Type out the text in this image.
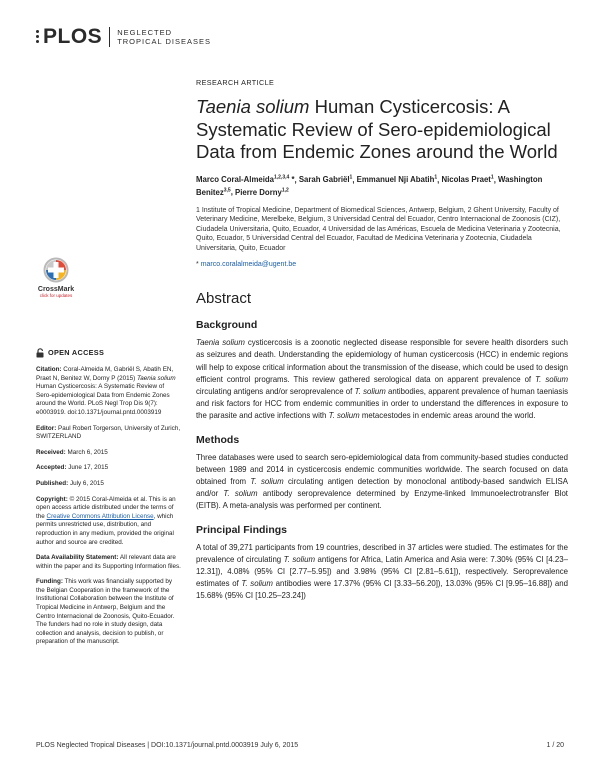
PLOS NEGLECTED
TROPICAL DISEASES
CrossMark
click for updates
OPEN ACCESS
Citation: Coral-Almeida M, Gabriël S, Abatih EN, Praet N, Benitez W, Dorny P (2015) Taenia solium Human Cysticercosis: A Systematic Review of Sero-epidemiological Data from Endemic Zones around the World. PLoS Negl Trop Dis 9(7): e0003919. doi:10.1371/journal.pntd.0003919
Editor: Paul Robert Torgerson, University of Zurich, SWITZERLAND
Received: March 6, 2015
Accepted: June 17, 2015
Published: July 6, 2015
Copyright: © 2015 Coral-Almeida et al. This is an open access article distributed under the terms of the Creative Commons Attribution License, which permits unrestricted use, distribution, and reproduction in any medium, provided the original author and source are credited.
Data Availability Statement: All relevant data are within the paper and its Supporting Information files.
Funding: This work was financially supported by the Belgian Cooperation in the framework of the Institutional Collaboration between the Institute of Tropical Medicine in Antwerp, Belgium and the Centro Internacional de Zoonosis, Quito-Ecuador. The funders had no role in study design, data collection and analysis, decision to publish, or preparation of the manuscript.
RESEARCH ARTICLE
Taenia solium Human Cysticercosis: A Systematic Review of Sero-epidemiological Data from Endemic Zones around the World
Marco Coral-Almeida$^{1,2,3,4}$ *, Sarah Gabriël$^1$, Emmanuel Nji Abatih$^1$, Nicolas Praet$^1$, Washington Benitez$^{3,5}$, Pierre Dorny$^{1,2}$
1 Institute of Tropical Medicine, Department of Biomedical Sciences, Antwerp, Belgium, 2 Ghent University, Faculty of Veterinary Medicine, Merelbeke, Belgium, 3 Universidad Central del Ecuador, Centro Internacional de Zoonosis (CIZ), Ciudadela Universitaria, Quito, Ecuador, 4 Universidad de las Américas, Escuela de Medicina Veterinaria y Zootecnia, Quito, Ecuador, 5 Universidad Central del Ecuador, Facultad de Medicina Veterinaria y Zootecnia, Ciudadela Universitaria, Quito, Ecuador
* marco.coralalmeida@ugent.be
Abstract
Background

Taenia solium cysticercosis is a zoonotic neglected disease responsible for severe health disorders such as seizures and death. Understanding the epidemiology of human cysticercosis (HCC) in endemic regions will help to expose critical information about the transmission of the disease, which could be used to design efficient control programs. This review gathered serological data on apparent prevalence of T. solium circulating antigens and/or seroprevalence of T. solium antibodies, apparent prevalence of human taeniasis and risk factors for HCC from endemic communities in order to understand the differences in exposure to the parasite and active infections with T. solium metacestodes in endemic areas around the world.

Methods

Three databases were used to search sero-epidemiological data from community-based studies conducted between 1989 and 2014 in cysticercosis endemic communities worldwide. The search focused on data obtained from T. solium circulating antigen detection by monoclonal antibody-based sandwich ELISA and/or T. solium antibody seroprevalence determined by Enzyme-linked Immunoelectrotransfer Blot (EITB). A meta-analysis was performed per continent.

Principal Findings

A total of 39,271 participants from 19 countries, described in 37 articles were studied. The estimates for the prevalence of circulating T. solium antigens for Africa, Latin America and Asia were: 7.30% (95% CI [4.23–12.31]), 4.08% (95% CI [2.77–5.95]) and 3.98% (95% CI [2.81–5.61]), respectively. Seroprevalence estimates of T. solium antibodies were 17.37% (95% CI [3.33–56.20]), 13.03% (95% CI [9.95–16.88]) and 15.68% (95% CI [10.25–23.24])

PLOS Neglected Tropical Diseases | DOI:10.1371/journal.pntd.0003919 July 6, 2015	1 / 20
